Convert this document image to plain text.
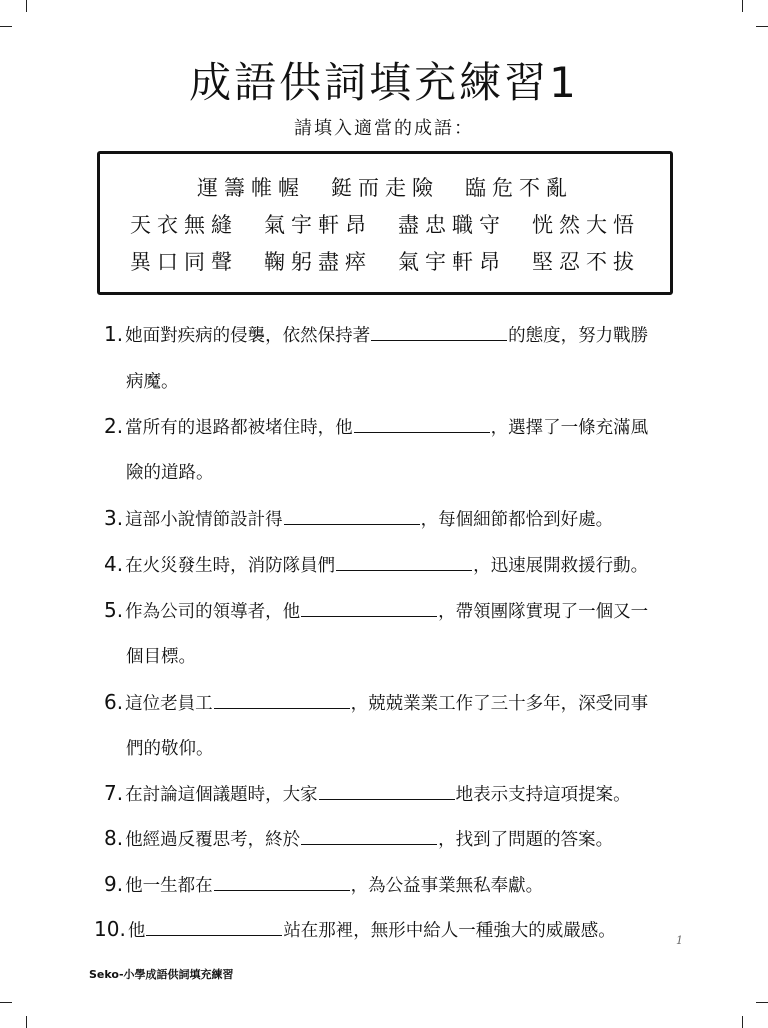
成語供詞填充練習1
請填入適當的成語：
運籌帷幄 鋌而走險 臨危不亂
天衣無縫 氣宇軒昂 盡忠職守 恍然大悟
異口同聲 鞠躬盡瘁 氣宇軒昂 堅忍不拔
1. 她面對疾病的侵襲，依然保持著	的態度，努力戰勝
病魔。
2. 當所有的退路都被堵住時，他	，選擇了一條充滿風
險的道路。
3. 這部小說情節設計得	，每個細節都恰到好處。
4. 在火災發生時，消防隊員們	，迅速展開救援行動。
5. 作為公司的領導者，他	，帶領團隊實現了一個又一
個目標。
6. 這位老員工	，兢兢業業工作了三十多年，深受同事
們的敬仰。
7. 在討論這個議題時，大家	地表示支持這項提案。
8. 他經過反覆思考，終於	，找到了問題的答案。
9. 他一生都在	，為公益事業無私奉獻。
10. 他	站在那裡，無形中給人一種強大的威嚴感。	1
Seko-小學成語供詞填充練習
